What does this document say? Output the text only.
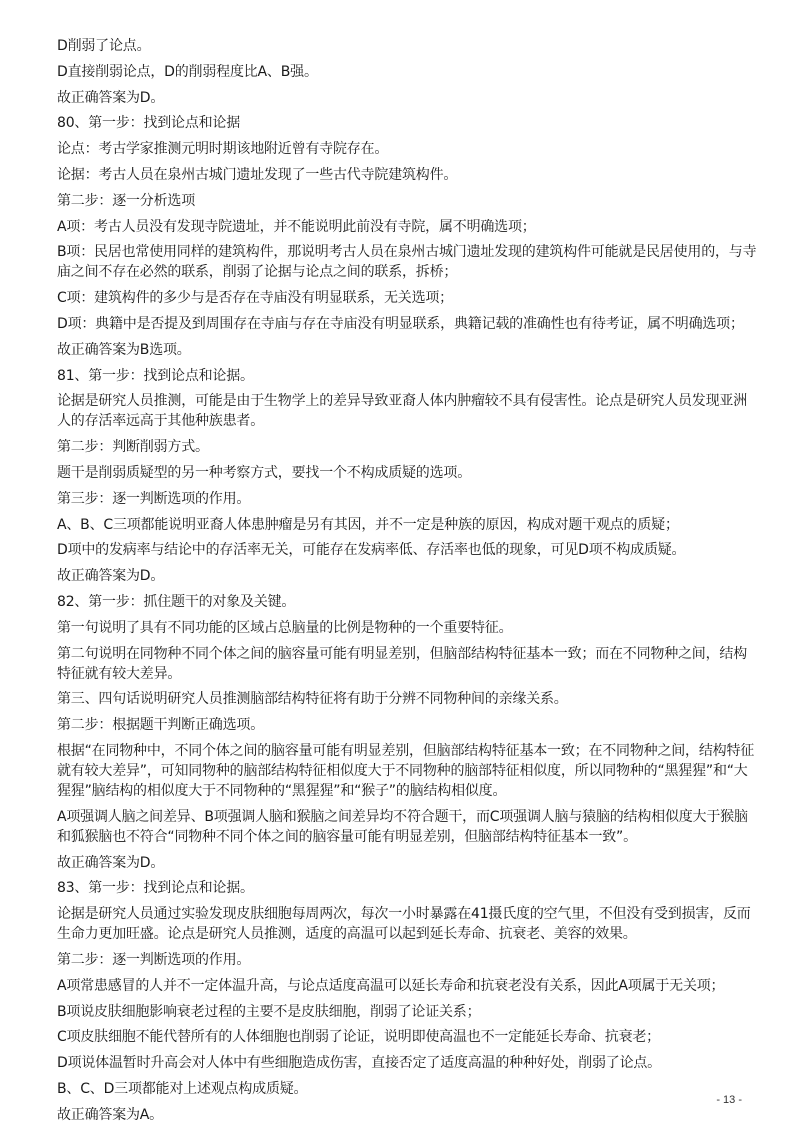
D削弱了论点。
D直接削弱论点，D的削弱程度比A、B强。
故正确答案为D。
80、第一步：找到论点和论据
论点：考古学家推测元明时期该地附近曾有寺院存在。
论据：考古人员在泉州古城门遗址发现了一些古代寺院建筑构件。
第二步：逐一分析选项
A项：考古人员没有发现寺院遗址，并不能说明此前没有寺院，属不明确选项；
B项：民居也常使用同样的建筑构件，那说明考古人员在泉州古城门遗址发现的建筑构件可能就是民居使用的，与寺庙之间不存在必然的联系，削弱了论据与论点之间的联系，拆桥；
C项：建筑构件的多少与是否存在寺庙没有明显联系，无关选项；
D项：典籍中是否提及到周围存在寺庙与存在寺庙没有明显联系，典籍记载的准确性也有待考证，属不明确选项；
故正确答案为B选项。
81、第一步：找到论点和论据。
论据是研究人员推测，可能是由于生物学上的差异导致亚裔人体内肿瘤较不具有侵害性。论点是研究人员发现亚洲人的存活率远高于其他种族患者。
第二步：判断削弱方式。
题干是削弱质疑型的另一种考察方式，要找一个不构成质疑的选项。
第三步：逐一判断选项的作用。
A、B、C三项都能说明亚裔人体患肿瘤是另有其因，并不一定是种族的原因，构成对题干观点的质疑；
D项中的发病率与结论中的存活率无关，可能存在发病率低、存活率也低的现象，可见D项不构成质疑。
故正确答案为D。
82、第一步：抓住题干的对象及关键。
第一句说明了具有不同功能的区域占总脑量的比例是物种的一个重要特征。
第二句说明在同物种不同个体之间的脑容量可能有明显差别，但脑部结构特征基本一致；而在不同物种之间，结构特征就有较大差异。
第三、四句话说明研究人员推测脑部结构特征将有助于分辨不同物种间的亲缘关系。
第二步：根据题干判断正确选项。
根据“在同物种中，不同个体之间的脑容量可能有明显差别，但脑部结构特征基本一致；在不同物种之间，结构特征就有较大差异”，可知同物种的脑部结构特征相似度大于不同物种的脑部特征相似度，所以同物种的“黑猩猩”和“大猩猩”脑结构的相似度大于不同物种的“黑猩猩”和“猴子”的脑结构相似度。
A项强调人脑之间差异、B项强调人脑和猴脑之间差异均不符合题干，而C项强调人脑与猿脑的结构相似度大于猴脑和狐猴脑也不符合“同物种不同个体之间的脑容量可能有明显差别，但脑部结构特征基本一致”。
故正确答案为D。
83、第一步：找到论点和论据。
论据是研究人员通过实验发现皮肤细胞每周两次，每次一小时暴露在41摄氏度的空气里，不但没有受到损害，反而生命力更加旺盛。论点是研究人员推测，适度的高温可以起到延长寿命、抗衰老、美容的效果。
第二步：逐一判断选项的作用。
A项常患感冒的人并不一定体温升高，与论点适度高温可以延长寿命和抗衰老没有关系，因此A项属于无关项；
B项说皮肤细胞影响衰老过程的主要不是皮肤细胞，削弱了论证关系；
C项皮肤细胞不能代替所有的人体细胞也削弱了论证，说明即使高温也不一定能延长寿命、抗衰老；
D项说体温暂时升高会对人体中有些细胞造成伤害，直接否定了适度高温的种种好处，削弱了论点。
B、C、D三项都能对上述观点构成质疑。
故正确答案为A。
- 13 -
